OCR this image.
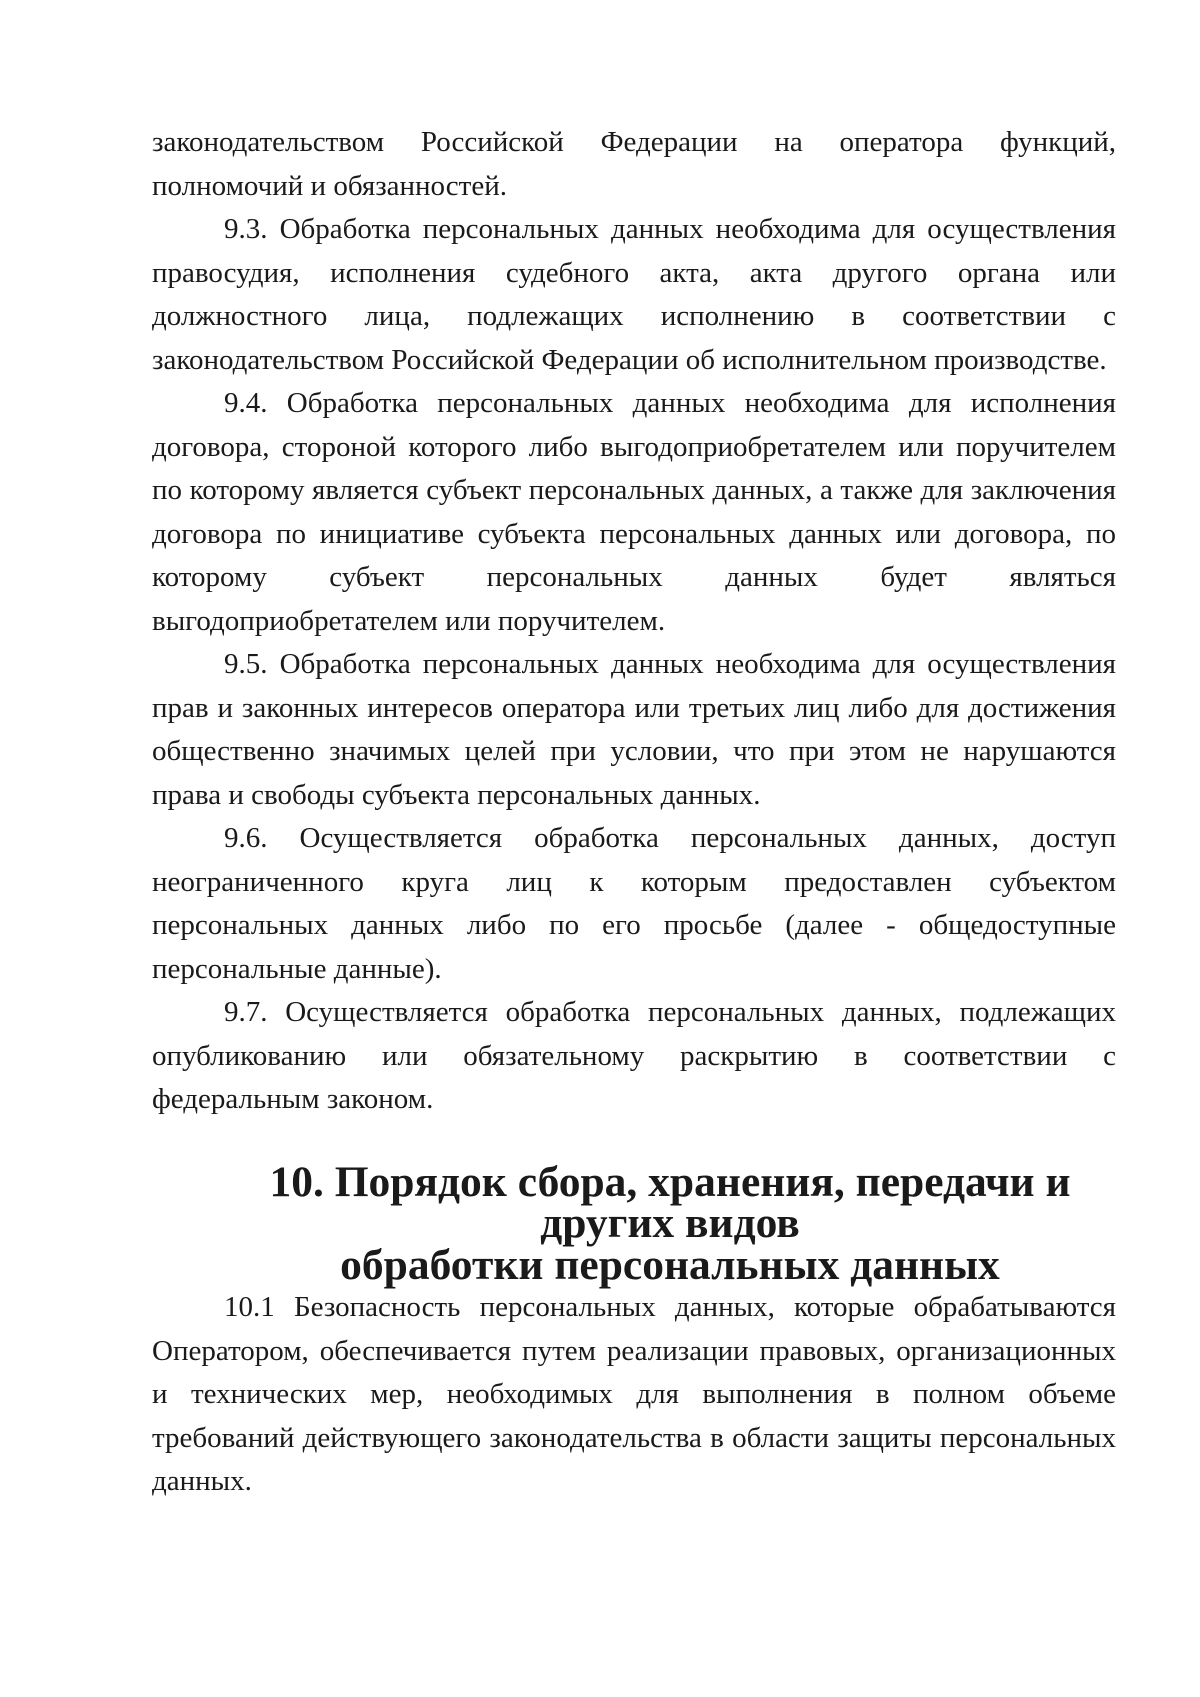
законодательством Российской Федерации на оператора функций, полномочий и обязанностей.

9.3. Обработка персональных данных необходима для осуществления правосудия, исполнения судебного акта, акта другого органа или должностного лица, подлежащих исполнению в соответствии с законодательством Российской Федерации об исполнительном производстве.

9.4. Обработка персональных данных необходима для исполнения договора, стороной которого либо выгодоприобретателем или поручителем по которому является субъект персональных данных, а также для заключения договора по инициативе субъекта персональных данных или договора, по которому субъект персональных данных будет являться выгодоприобретателем или поручителем.

9.5. Обработка персональных данных необходима для осуществления прав и законных интересов оператора или третьих лиц либо для достижения общественно значимых целей при условии, что при этом не нарушаются права и свободы субъекта персональных данных.

9.6. Осуществляется обработка персональных данных, доступ неограниченного круга лиц к которым предоставлен субъектом персональных данных либо по его просьбе (далее - общедоступные персональные данные).

9.7. Осуществляется обработка персональных данных, подлежащих опубликованию или обязательному раскрытию в соответствии с федеральным законом.

10. Порядок сбора, хранения, передачи и других видов
обработки персональных данных

10.1 Безопасность персональных данных, которые обрабатываются Оператором, обеспечивается путем реализации правовых, организационных и технических мер, необходимых для выполнения в полном объеме требований действующего законодательства в области защиты персональных данных.
